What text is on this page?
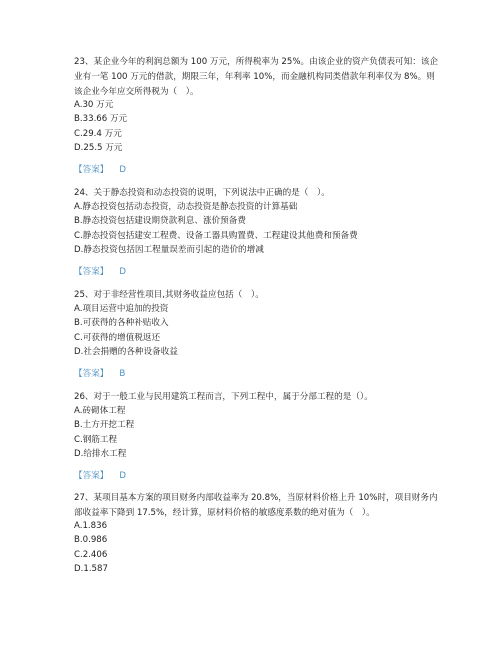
23、某企业今年的利润总额为 100 万元，所得税率为 25%。由该企业的资产负债表可知：该企业有一笔 100 万元的借款，期限三年，年利率 10%，而金融机构同类借款年利率仅为 8%。则该企业今年应交所得税为（　）。

A.30 万元

B.33.66 万元

C.29.4 万元

D.25.5 万元

【答案】 D

24、关于静态投资和动态投资的说明，下列说法中正确的是（　）。

A.静态投资包括动态投资，动态投资是静态投资的计算基础

B.静态投资包括建设期贷款利息、涨价预备费

C.静态投资包括建安工程费、设备工器具购置费、工程建设其他费和预备费

D.静态投资包括因工程量误差而引起的造价的增减

【答案】 D

25、对于非经营性项目,其财务收益应包括（　）。

A.项目运营中追加的投资

B.可获得的各种补贴收入

C.可获得的增值税返还

D.社会捐赠的各种设备收益

【答案】 B

26、对于一般工业与民用建筑工程而言，下列工程中，属于分部工程的是（）。

A.砖砌体工程

B.土方开挖工程

C.钢筋工程

D.给排水工程

【答案】 D

27、某项目基本方案的项目财务内部收益率为 20.8%，当原材料价格上升 10%时，项目财务内部收益率下降到 17.5%，经计算，原材料价格的敏感度系数的绝对值为（　）。

A.1.836

B.0.986

C.2.406

D.1.587
